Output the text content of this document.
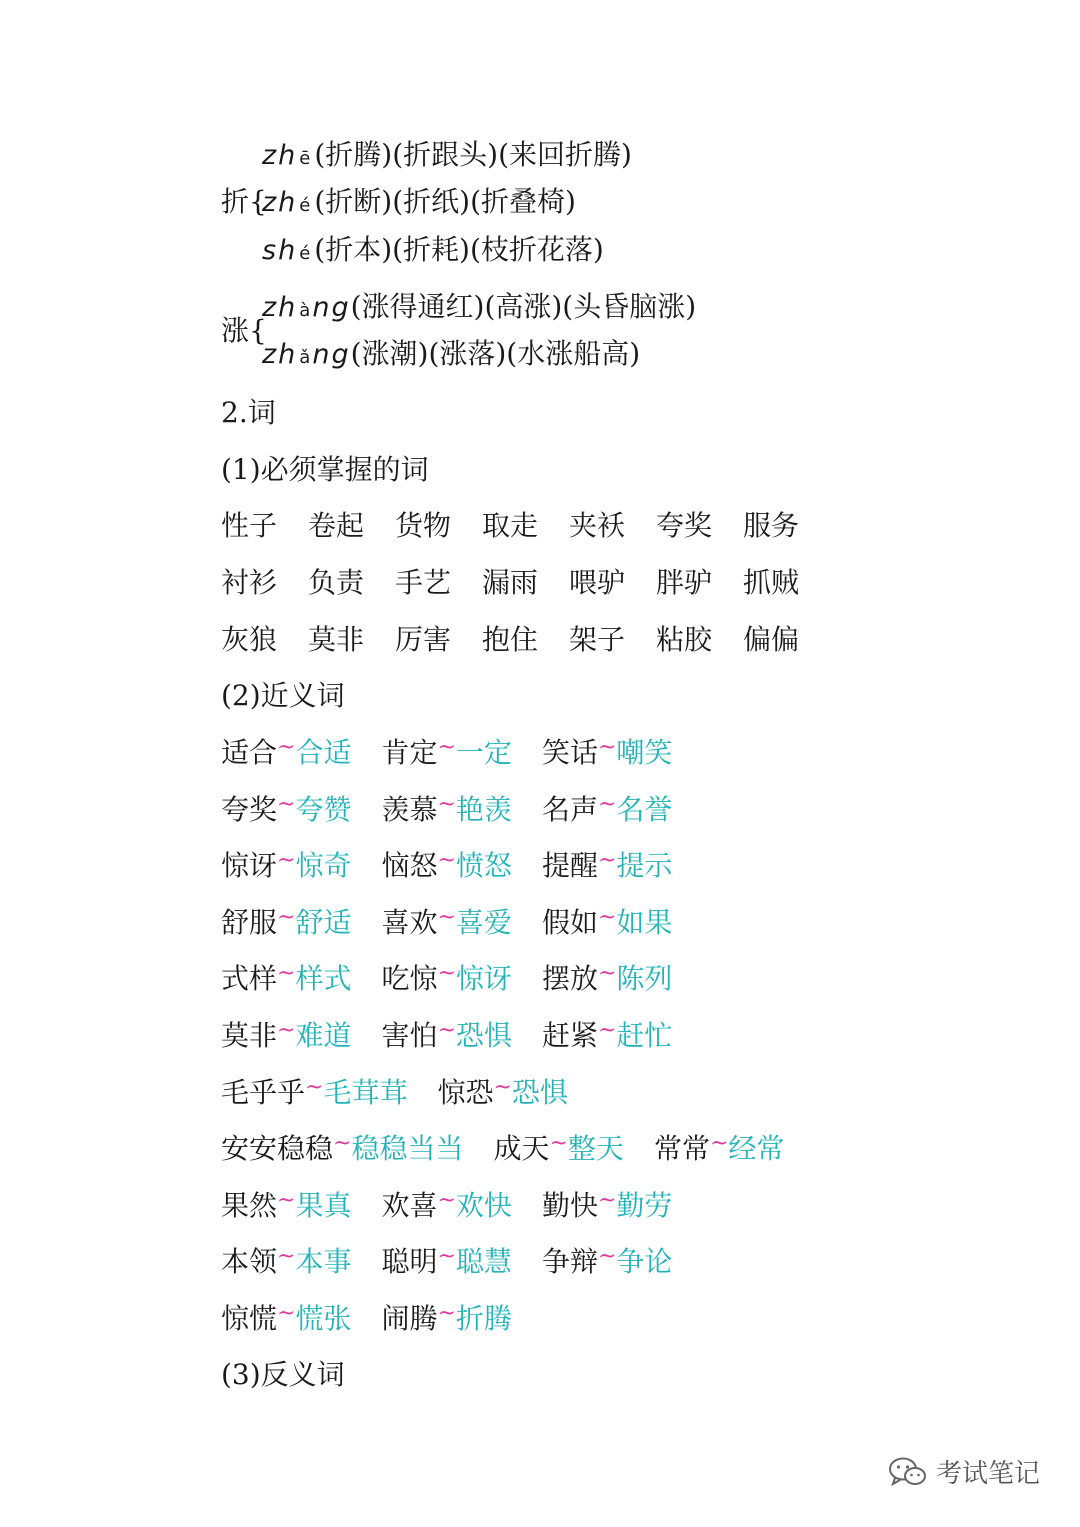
zh ē (折腾)(折跟头)(来回折腾)
折 {
zh é (折断)(折纸)(折叠椅)
sh é (折本)(折耗)(枝折花落)
zh àng(涨得通红)(高涨)(头昏脑涨)
涨 {
zh ǎng(涨潮)(涨落)(水涨船高)
2.词
(1)必须掌握的词
性子 卷起 货物 取走 夹袄 夸奖 服务
衬衫 负责 手艺 漏雨 喂驴 胖驴 抓贼
灰狼 莫非 厉害 抱住 架子 粘胶 偏偏
(2)近义词
适合~合适 肯定~一定 笑话~嘲笑
夸奖~夸赞 羡慕~艳羡 名声~名誉
惊讶~惊奇 恼怒~愤怒 提醒~提示
舒服~舒适 喜欢~喜爱 假如~如果
式样~样式 吃惊~惊讶 摆放~陈列
莫非~难道 害怕~恐惧 赶紧~赶忙
毛乎乎~毛茸茸 惊恐~恐惧
安安稳稳~稳稳当当 成天~整天 常常~经常
果然~果真 欢喜~欢快 勤快~勤劳
本领~本事 聪明~聪慧 争辩~争论
惊慌~慌张 闹腾~折腾
(3)反义词
考试笔记
